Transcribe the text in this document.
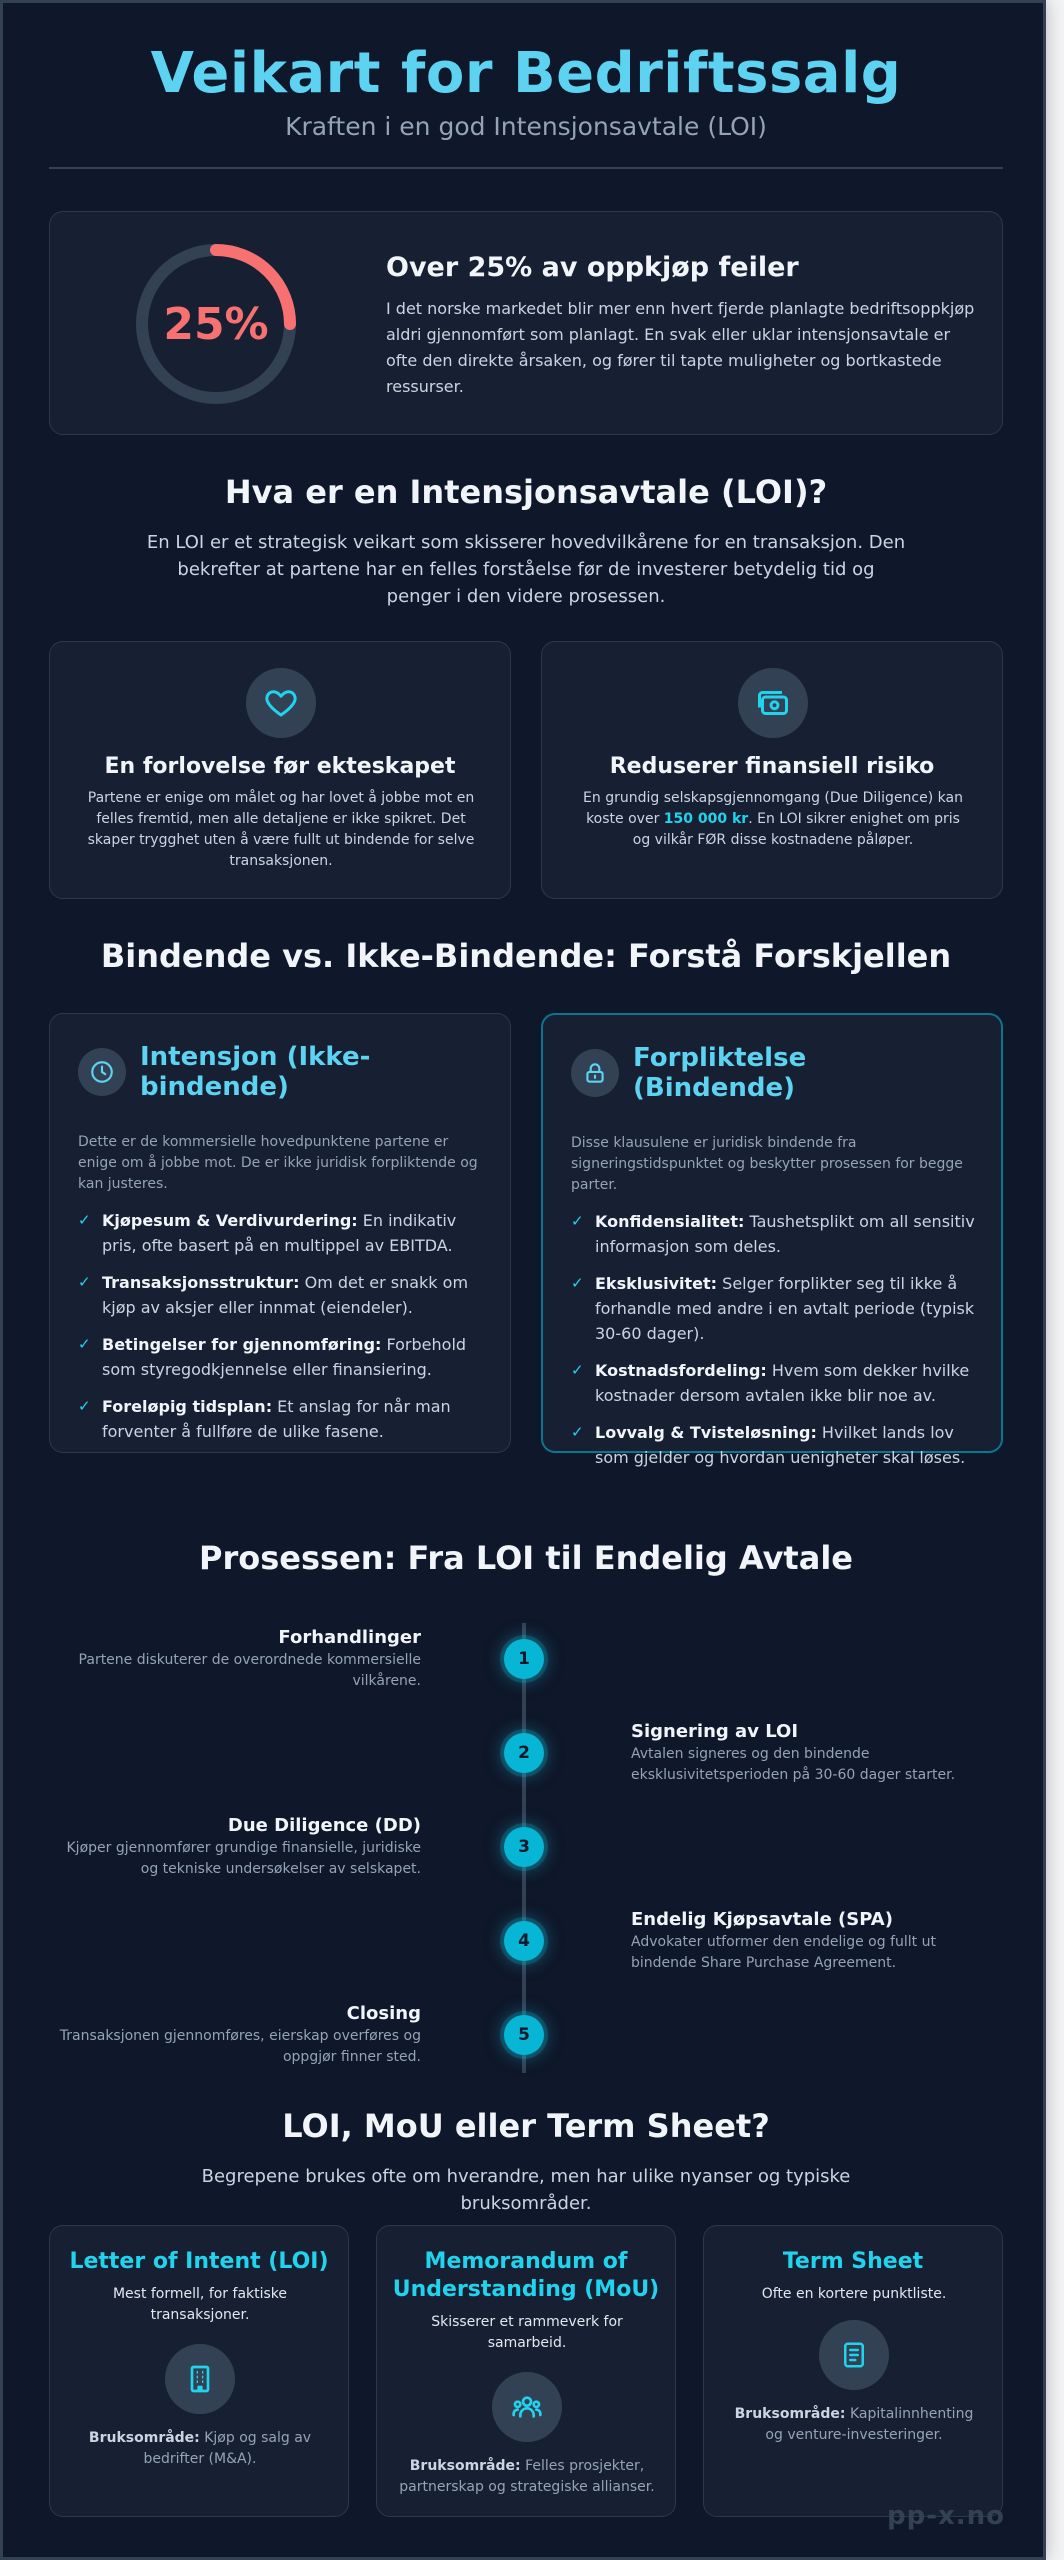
Veikart for Bedriftssalg
Kraften i en god Intensjonsavtale (LOI)
25%
Over 25% av oppkjøp feiler
I det norske markedet blir mer enn hvert fjerde planlagte bedriftsoppkjøp aldri gjennomført som planlagt. En svak eller uklar intensjonsavtale er ofte den direkte årsaken, og fører til tapte muligheter og bortkastede ressurser.
Hva er en Intensjonsavtale (LOI)?
En LOI er et strategisk veikart som skisserer hovedvilkårene for en transaksjon. Den bekrefter at partene har en felles forståelse før de investerer betydelig tid og penger i den videre prosessen.
En forlovelse før ekteskapet
Partene er enige om målet og har lovet å jobbe mot en felles fremtid, men alle detaljene er ikke spikret. Det skaper trygghet uten å være fullt ut bindende for selve transaksjonen.
Reduserer finansiell risiko
En grundig selskapsgjennomgang (Due Diligence) kan koste over 150 000 kr. En LOI sikrer enighet om pris og vilkår FØR disse kostnadene påløper.
Bindende vs. Ikke-Bindende: Forstå Forskjellen
Intensjon (Ikke-bindende)
Dette er de kommersielle hovedpunktene partene er enige om å jobbe mot. De er ikke juridisk forpliktende og kan justeres.
✓ Kjøpesum & Verdivurdering: En indikativ pris, ofte basert på en multippel av EBITDA.
✓ Transaksjonsstruktur: Om det er snakk om kjøp av aksjer eller innmat (eiendeler).
✓ Betingelser for gjennomføring: Forbehold som styregodkjennelse eller finansiering.
✓ Foreløpig tidsplan: Et anslag for når man forventer å fullføre de ulike fasene.
Forpliktelse (Bindende)
Disse klausulene er juridisk bindende fra signeringstidspunktet og beskytter prosessen for begge parter.
✓ Konfidensialitet: Taushetsplikt om all sensitiv informasjon som deles.
✓ Eksklusivitet: Selger forplikter seg til ikke å forhandle med andre i en avtalt periode (typisk 30-60 dager).
✓ Kostnadsfordeling: Hvem som dekker hvilke kostnader dersom avtalen ikke blir noe av.
✓ Lovvalg & Tvisteløsning: Hvilket lands lov som gjelder og hvordan uenigheter skal løses.
Prosessen: Fra LOI til Endelig Avtale
Forhandlinger
Partene diskuterer de overordnede kommersielle vilkårene.
1
Signering av LOI
Avtalen signeres og den bindende eksklusivitetsperioden på 30-60 dager starter.
2
Due Diligence (DD)
Kjøper gjennomfører grundige finansielle, juridiske og tekniske undersøkelser av selskapet.
3
Endelig Kjøpsavtale (SPA)
Advokater utformer den endelige og fullt ut bindende Share Purchase Agreement.
4
Closing
Transaksjonen gjennomføres, eierskap overføres og oppgjør finner sted.
5
LOI, MoU eller Term Sheet?
Begrepene brukes ofte om hverandre, men har ulike nyanser og typiske bruksområder.
Letter of Intent (LOI)
Mest formell, for faktiske transaksjoner.
Bruksområde: Kjøp og salg av bedrifter (M&A).
Memorandum of Understanding (MoU)
Skisserer et rammeverk for samarbeid.
Bruksområde: Felles prosjekter, partnerskap og strategiske allianser.
Term Sheet
Ofte en kortere punktliste.
Bruksområde: Kapitalinnhenting og venture-investeringer.
pp-x.no
